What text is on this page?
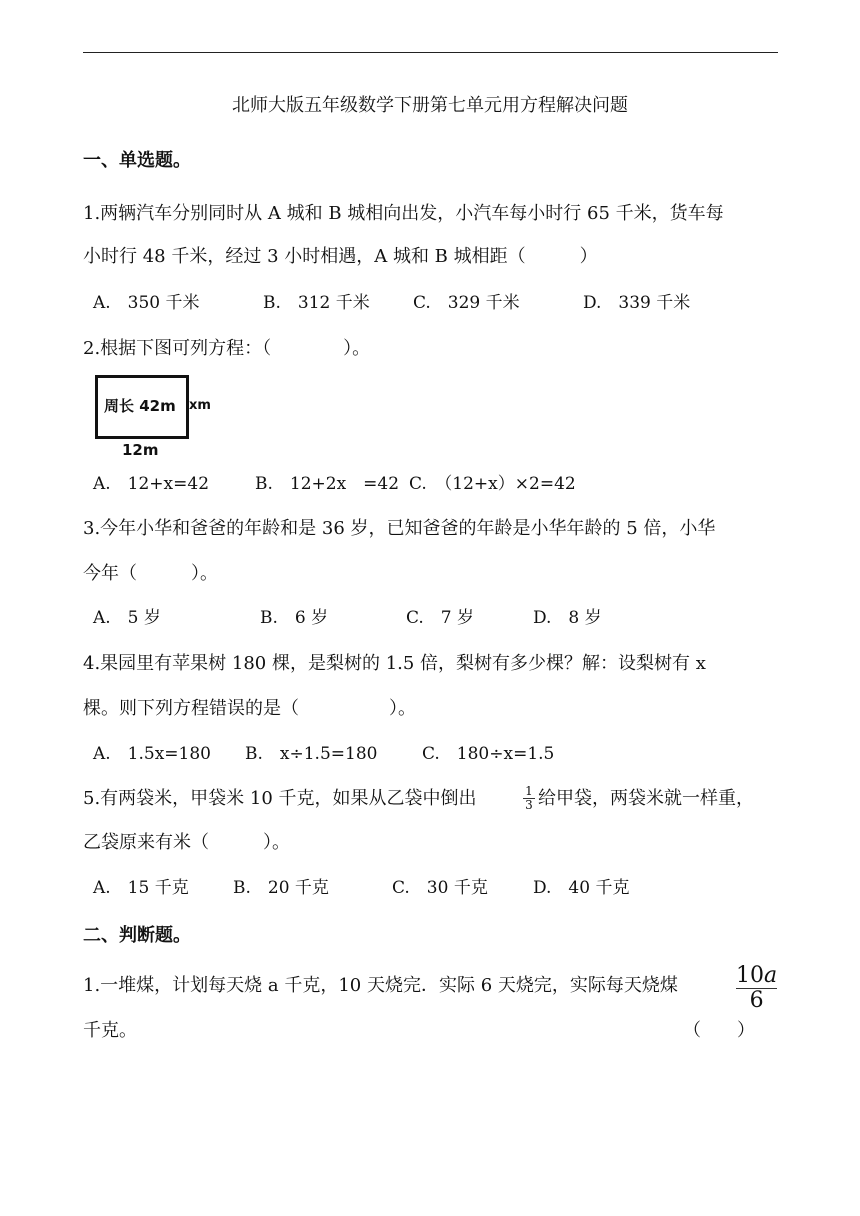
北师大版五年级数学下册第七单元用方程解决问题
一、单选题。
1.两辆汽车分别同时从 A 城和 B 城相向出发，小汽车每小时行 65 千米，货车每
小时行 48 千米，经过 3 小时相遇，A 城和 B 城相距（　　　）
A.　350 千米	B.　312 千米	C.　329 千米	D.　339 千米
2.根据下图可列方程：（　　　　）。
周长 42m xm
12m
A.　12+x=42	B.　12+2x　=42 C.　（12+x）×2=42
3.今年小华和爸爸的年龄和是 36 岁，已知爸爸的年龄是小华年龄的 5 倍，小华
今年（　　　）。
A.　5 岁	B.　6 岁	C.　7 岁	D.　8 岁
4.果园里有苹果树 180 棵，是梨树的 1.5 倍，梨树有多少棵？解：设梨树有 x
棵。则下列方程错误的是（　　　　　）。
A.　1.5x=180 B.　x÷1.5=180	C.　180÷x=1.5
5.有两袋米，甲袋米 10 千克，如果从乙袋中倒出	$\frac{1}{3}$ 给甲袋，两袋米就一样重，
乙袋原来有米（　　　）。
A.　15 千克	B.　20 千克	C.　30 千克	D.　40 千克
二、判断题。
1.一堆煤，计划每天烧 a 千克，10 天烧完．实际 6 天烧完，实际每天烧煤	$\frac{10a}{6}$
千克。	（　　）
